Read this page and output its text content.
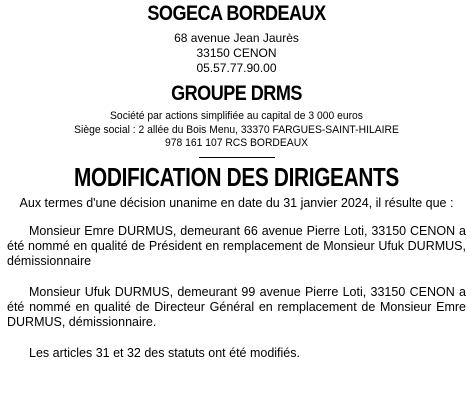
SOGECA BORDEAUX
68 avenue Jean Jaurès
33150 CENON
05.57.77.90.00
GROUPE DRMS
Société par actions simplifiée au capital de 3 000 euros
Siège social : 2 allée du Bois Menu, 33370 FARGUES-SAINT-HILAIRE
978 161 107 RCS BORDEAUX
MODIFICATION DES DIRIGEANTS

Aux termes d'une décision unanime en date du 31 janvier 2024, il résulte que :

Monsieur Emre DURMUS, demeurant 66 avenue Pierre Loti, 33150 CENON a été nommé en qualité de Président en remplacement de Monsieur Ufuk DURMUS, démissionnaire

Monsieur Ufuk DURMUS, demeurant 99 avenue Pierre Loti, 33150 CENON a été nommé en qualité de Directeur Général en remplacement de Monsieur Emre DURMUS, démissionnaire.

Les articles 31 et 32 des statuts ont été modifiés.
